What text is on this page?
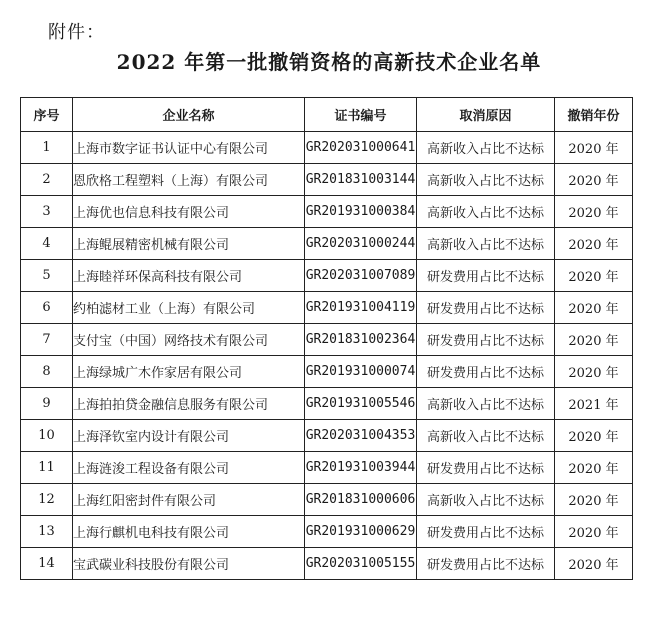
附件：
2022 年第一批撤销资格的高新技术企业名单
序号	企业名称	证书编号	取消原因	撤销年份
1	上海市数字证书认证中心有限公司	GR202031000641	高新收入占比不达标	2020 年
2	恩欣格工程塑料（上海）有限公司	GR201831003144	高新收入占比不达标	2020 年
3	上海优也信息科技有限公司	GR201931000384	高新收入占比不达标	2020 年
4	上海鲲展精密机械有限公司	GR202031000244	高新收入占比不达标	2020 年
5	上海睦祥环保高科技有限公司	GR202031007089	研发费用占比不达标	2020 年
6	约柏滤材工业（上海）有限公司	GR201931004119	研发费用占比不达标	2020 年
7	支付宝（中国）网络技术有限公司	GR201831002364	研发费用占比不达标	2020 年
8	上海绿城广木作家居有限公司	GR201931000074	研发费用占比不达标	2020 年
9	上海拍拍贷金融信息服务有限公司	GR201931005546	高新收入占比不达标	2021 年
10	上海泽钦室内设计有限公司	GR202031004353	高新收入占比不达标	2020 年
11	上海涟浚工程设备有限公司	GR201931003944	研发费用占比不达标	2020 年
12	上海红阳密封件有限公司	GR201831000606	高新收入占比不达标	2020 年
13	上海行麒机电科技有限公司	GR201931000629	研发费用占比不达标	2020 年
14	宝武碳业科技股份有限公司	GR202031005155	研发费用占比不达标	2020 年
